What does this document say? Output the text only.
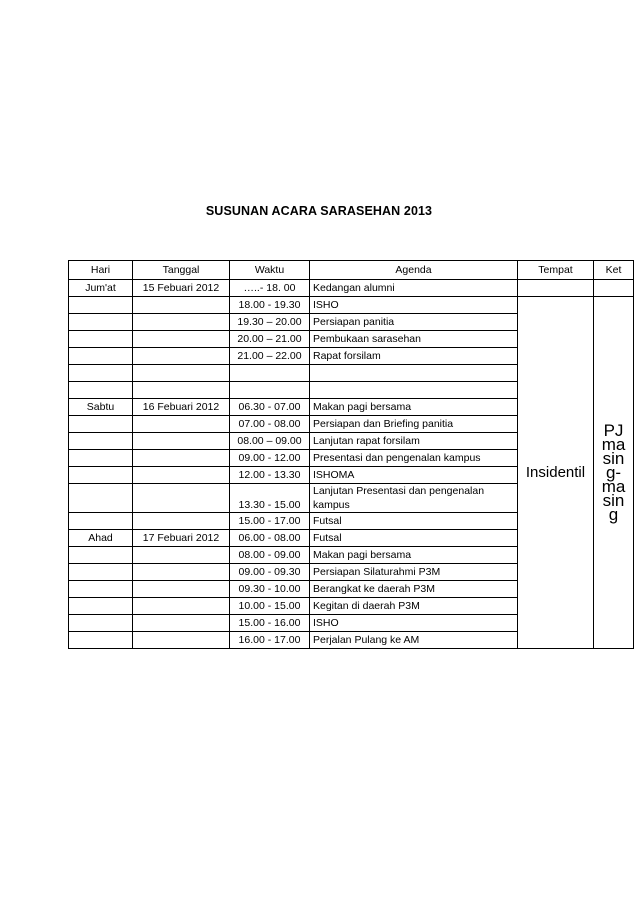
SUSUNAN ACARA SARASEHAN 2013
Hari	Tanggal	Waktu	Agenda	Tempat	Ket
Jum'at	15 Febuari 2012	…..- 18. 00	Kedangan alumni		
		18.00 - 19.30	ISHO	Insidentil	PJ masing-masing
		19.30 – 20.00	Persiapan panitia		
		20.00 – 21.00	Pembukaan sarasehan		
		21.00 – 22.00	Rapat forsilam		

Sabtu	16 Febuari 2012	06.30 - 07.00	Makan pagi bersama		
		07.00 - 08.00	Persiapan dan Briefing panitia		
		08.00 – 09.00	Lanjutan rapat forsilam		
		09.00 - 12.00	Presentasi dan pengenalan kampus		
		12.00 - 13.30	ISHOMA		
		13.30 - 15.00	Lanjutan Presentasi dan pengenalan kampus		
		15.00 - 17.00	Futsal		
Ahad	17 Febuari 2012	06.00 - 08.00	Futsal		
		08.00 - 09.00	Makan pagi bersama		
		09.00 - 09.30	Persiapan Silaturahmi P3M		
		09.30 - 10.00	Berangkat ke daerah P3M		
		10.00 - 15.00	Kegitan di daerah P3M		
		15.00 - 16.00	ISHO		
		16.00 - 17.00	Perjalan Pulang ke AM		
